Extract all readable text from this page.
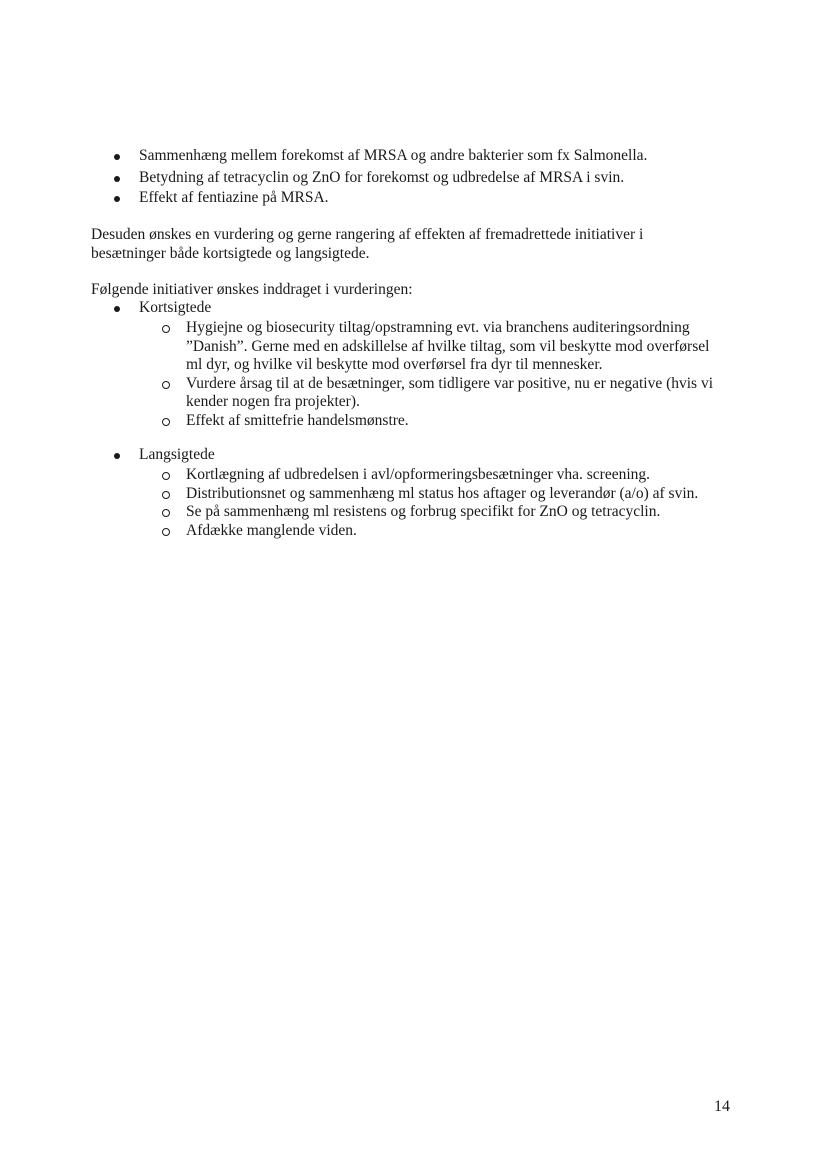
Sammenhæng mellem forekomst af MRSA og andre bakterier som fx Salmonella.
Betydning af tetracyclin og ZnO for forekomst og udbredelse af MRSA i svin.
Effekt af fentiazine på MRSA.
Desuden ønskes en vurdering og gerne rangering af effekten af fremadrettede initiativer i
besætninger både kortsigtede og langsigtede.
Følgende initiativer ønskes inddraget i vurderingen:
Kortsigtede
Hygiejne og biosecurity tiltag/opstramning evt. via branchens auditeringsordning
”Danish”. Gerne med en adskillelse af hvilke tiltag, som vil beskytte mod overførsel
ml dyr, og hvilke vil beskytte mod overførsel fra dyr til mennesker.
Vurdere årsag til at de besætninger, som tidligere var positive, nu er negative (hvis vi
kender nogen fra projekter).
Effekt af smittefrie handelsmønstre.
Langsigtede
Kortlægning af udbredelsen i avl/opformeringsbesætninger vha. screening.
Distributionsnet og sammenhæng ml status hos aftager og leverandør (a/o) af svin.
Se på sammenhæng ml resistens og forbrug specifikt for ZnO og tetracyclin.
Afdække manglende viden.
14
